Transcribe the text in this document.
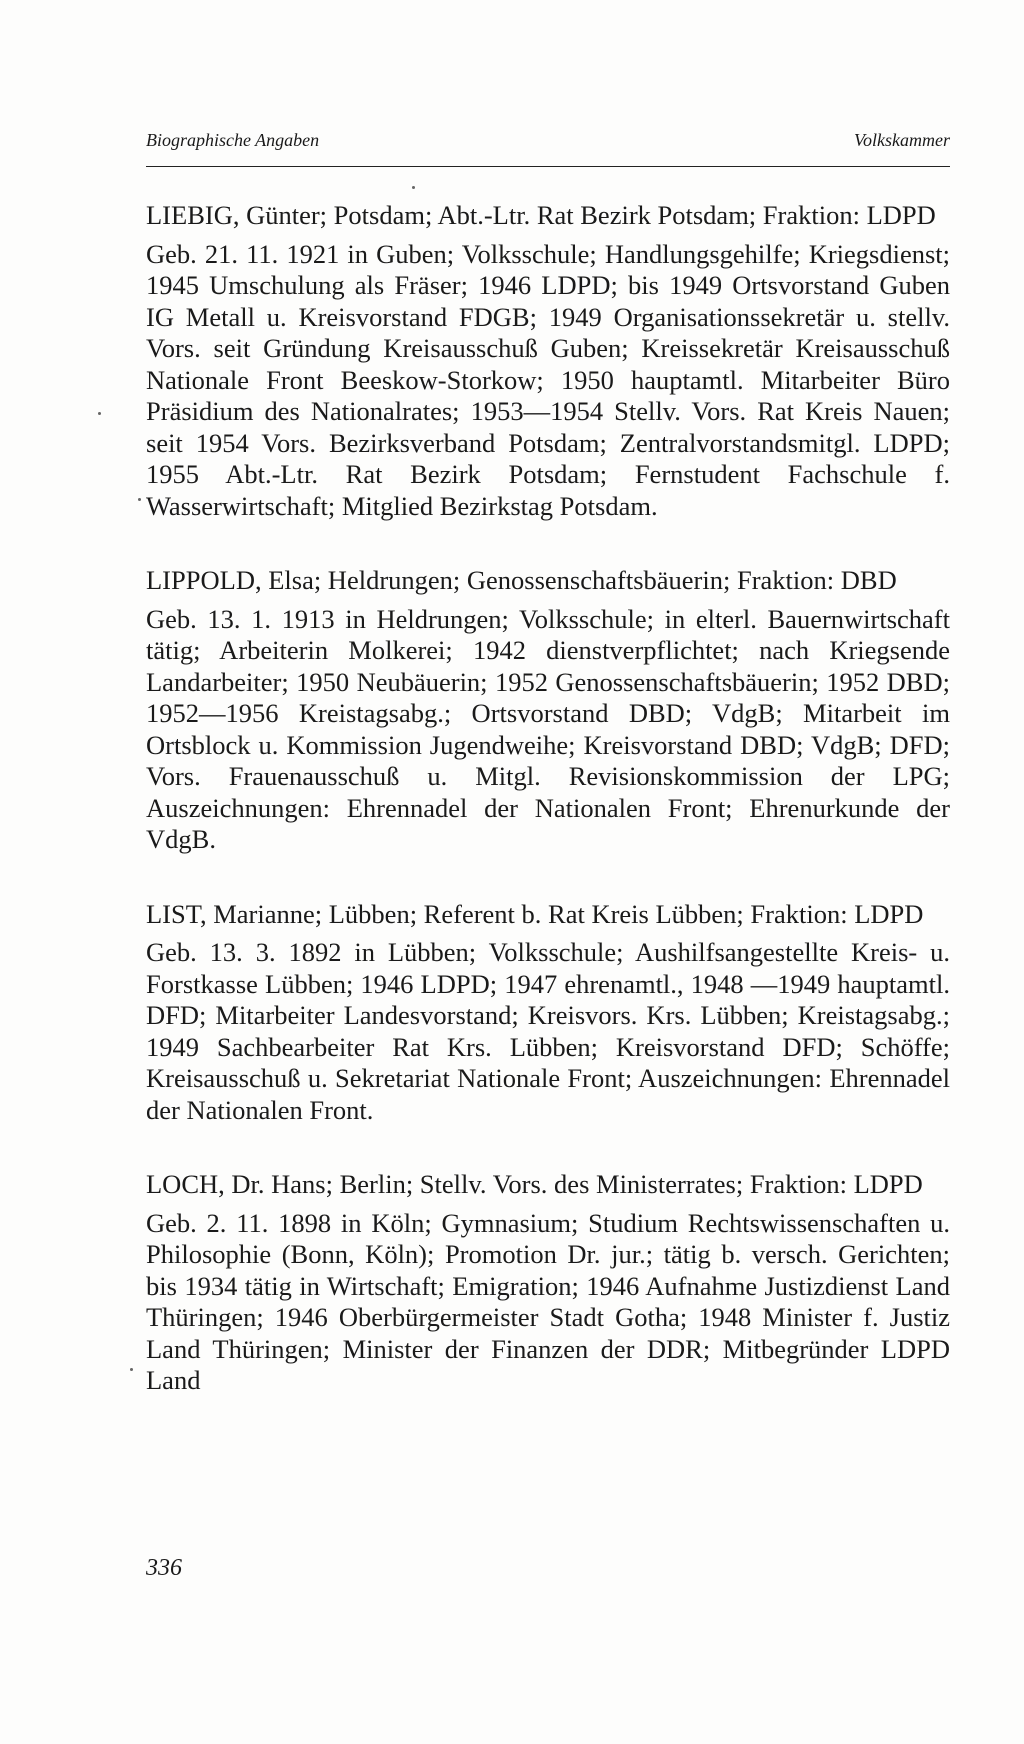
Biographische Angaben	Volkskammer

LIEBIG, Günter; Potsdam; Abt.-Ltr. Rat Bezirk Potsdam; Fraktion: LDPD

Geb. 21. 11. 1921 in Guben; Volksschule; Handlungsgehilfe; Kriegsdienst; 1945 Umschulung als Fräser; 1946 LDPD; bis 1949 Ortsvorstand Guben IG Metall u. Kreisvorstand FDGB; 1949 Organisationssekretär u. stellv. Vors. seit Gründung Kreisausschuß Guben; Kreissekretär Kreisausschuß Nationale Front Beeskow-Storkow; 1950 hauptamtl. Mitarbeiter Büro Präsidium des Nationalrates; 1953—1954 Stellv. Vors. Rat Kreis Nauen; seit 1954 Vors. Bezirksverband Potsdam; Zentralvorstandsmitgl. LDPD; 1955 Abt.-Ltr. Rat Bezirk Potsdam; Fernstudent Fachschule f. Wasserwirtschaft; Mitglied Bezirkstag Potsdam.

LIPPOLD, Elsa; Heldrungen; Genossenschaftsbäuerin; Fraktion: DBD

Geb. 13. 1. 1913 in Heldrungen; Volksschule; in elterl. Bauernwirtschaft tätig; Arbeiterin Molkerei; 1942 dienstverpflichtet; nach Kriegsende Landarbeiter; 1950 Neubäuerin; 1952 Genossenschaftsbäuerin; 1952 DBD; 1952—1956 Kreistagsabg.; Ortsvorstand DBD; VdgB; Mitarbeit im Ortsblock u. Kommission Jugendweihe; Kreisvorstand DBD; VdgB; DFD; Vors. Frauenausschuß u. Mitgl. Revisionskommission der LPG; Auszeichnungen: Ehrennadel der Nationalen Front; Ehrenurkunde der VdgB.

LIST, Marianne; Lübben; Referent b. Rat Kreis Lübben; Fraktion: LDPD

Geb. 13. 3. 1892 in Lübben; Volksschule; Aushilfsangestellte Kreis- u. Forstkasse Lübben; 1946 LDPD; 1947 ehrenamtl., 1948 —1949 hauptamtl. DFD; Mitarbeiter Landesvorstand; Kreisvors. Krs. Lübben; Kreistagsabg.; 1949 Sachbearbeiter Rat Krs. Lübben; Kreisvorstand DFD; Schöffe; Kreisausschuß u. Sekretariat Nationale Front; Auszeichnungen: Ehrennadel der Nationalen Front.

LOCH, Dr. Hans; Berlin; Stellv. Vors. des Ministerrates; Fraktion: LDPD

Geb. 2. 11. 1898 in Köln; Gymnasium; Studium Rechtswissenschaften u. Philosophie (Bonn, Köln); Promotion Dr. jur.; tätig b. versch. Gerichten; bis 1934 tätig in Wirtschaft; Emigration; 1946 Aufnahme Justizdienst Land Thüringen; 1946 Oberbürgermeister Stadt Gotha; 1948 Minister f. Justiz Land Thüringen; Minister der Finanzen der DDR; Mitbegründer LDPD Land

336
